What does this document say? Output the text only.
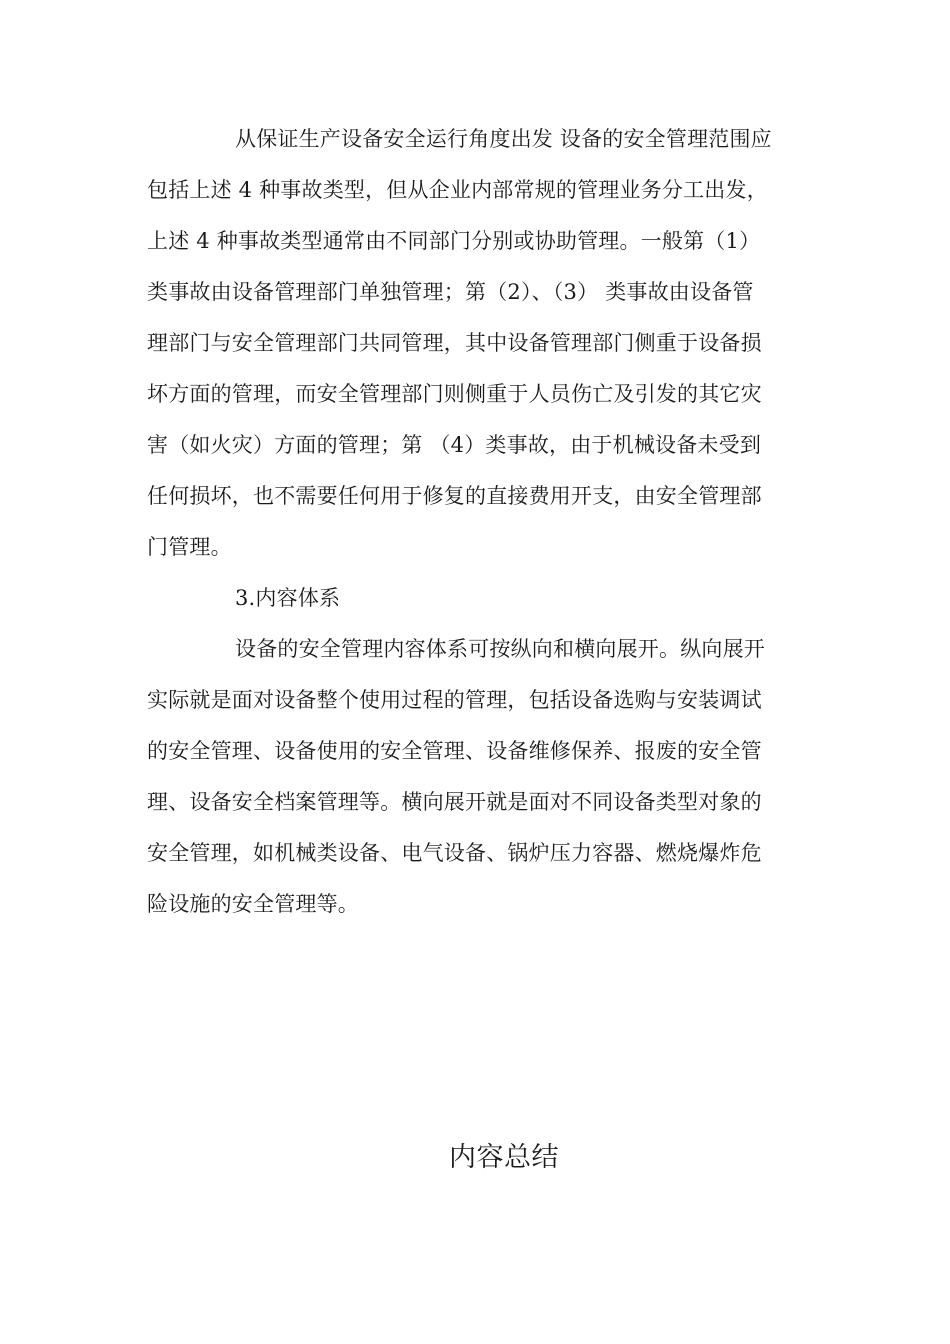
从保证生产设备安全运行角度出发 设备的安全管理范围应
包括上述 4 种事故类型，但从企业内部常规的管理业务分工出发，
上述 4 种事故类型通常由不同部门分别或协助管理。一般第（1）
类事故由设备管理部门单独管理；第（2）、（3） 类事故由设备管
理部门与安全管理部门共同管理，其中设备管理部门侧重于设备损
坏方面的管理，而安全管理部门则侧重于人员伤亡及引发的其它灾
害（如火灾）方面的管理；第 （4）类事故，由于机械设备未受到
任何损坏，也不需要任何用于修复的直接费用开支，由安全管理部
门管理。
3.内容体系
设备的安全管理内容体系可按纵向和横向展开。纵向展开
实际就是面对设备整个使用过程的管理，包括设备选购与安装调试
的安全管理、设备使用的安全管理、设备维修保养、报废的安全管
理、设备安全档案管理等。横向展开就是面对不同设备类型对象的
安全管理，如机械类设备、电气设备、锅炉压力容器、燃烧爆炸危
险设施的安全管理等。
内容总结
